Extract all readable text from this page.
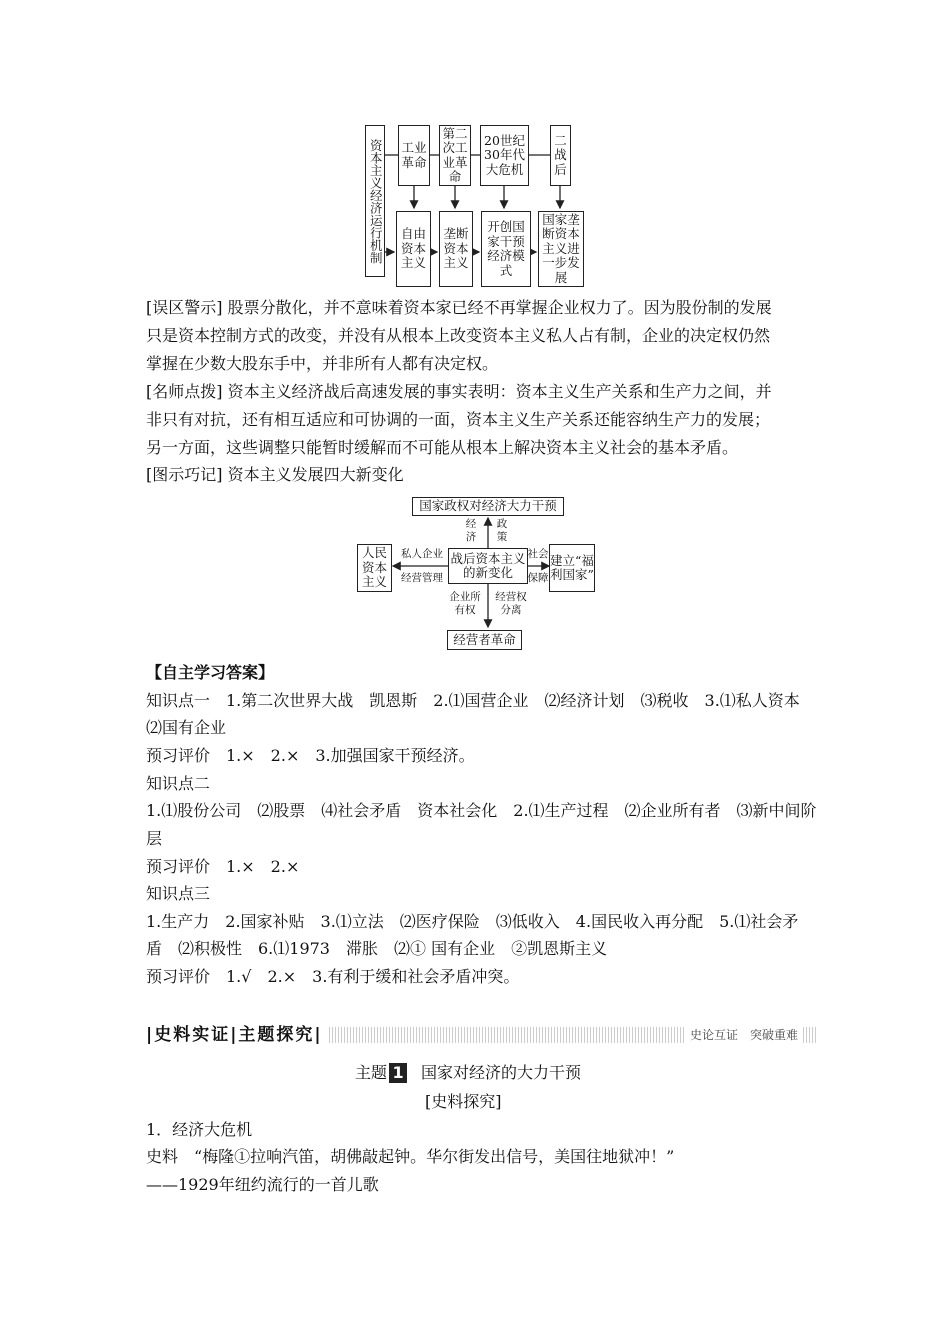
资本主义经济运行机制 工业革命
第二次工业革命
20世纪30年代大危机
二战后
自由资本主义
垄断资本主义
开创国家干预经济模式
国家垄断资本主义进一步发展
[误区警示] 股票分散化，并不意味着资本家已经不再掌握企业权力了。因为股份制的发展
只是资本控制方式的改变，并没有从根本上改变资本主义私人占有制，企业的决定权仍然
掌握在少数大股东手中，并非所有人都有决定权。
[名师点拨] 资本主义经济战后高速发展的事实表明：资本主义生产关系和生产力之间，并
非只有对抗，还有相互适应和可协调的一面，资本主义生产关系还能容纳生产力的发展；
另一方面，这些调整只能暂时缓解而不可能从根本上解决资本主义社会的基本矛盾。
[图示巧记] 资本主义发展四大新变化
国家政权对经济大力干预
战后资本主义的新变化
人民资本主义
建立“福利国家”
经营者革命
经济
政策
私人企业
经营管理
社会
保障
企业所有权
经营权分离
【自主学习答案】
知识点一　1.第二次世界大战　凯恩斯　2.⑴国营企业　⑵经济计划　⑶税收　3.⑴私人资本
⑵国有企业
预习评价　1.×　2.×　3.加强国家干预经济。
知识点二
1.⑴股份公司　⑵股票　⑷社会矛盾　资本社会化　2.⑴生产过程　⑵企业所有者　⑶新中间阶
层
预习评价　1.×　2.×
知识点三
1.生产力　2.国家补贴　3.⑴立法　⑵医疗保险　⑶低收入　4.国民收入再分配　5.⑴社会矛
盾　⑵积极性　6.⑴1973　滞胀　⑵① 国有企业　②凯恩斯主义
预习评价　1.√　2.×　3.有利于缓和社会矛盾冲突。
|史料实证|主题探究|	史论互证　突破重难
主题 1 国家对经济的大力干预
[史料探究]
1．经济大危机
史料　“梅隆①拉响汽笛，胡佛敲起钟。华尔街发出信号，美国往地狱冲！”
——1929年纽约流行的一首儿歌
